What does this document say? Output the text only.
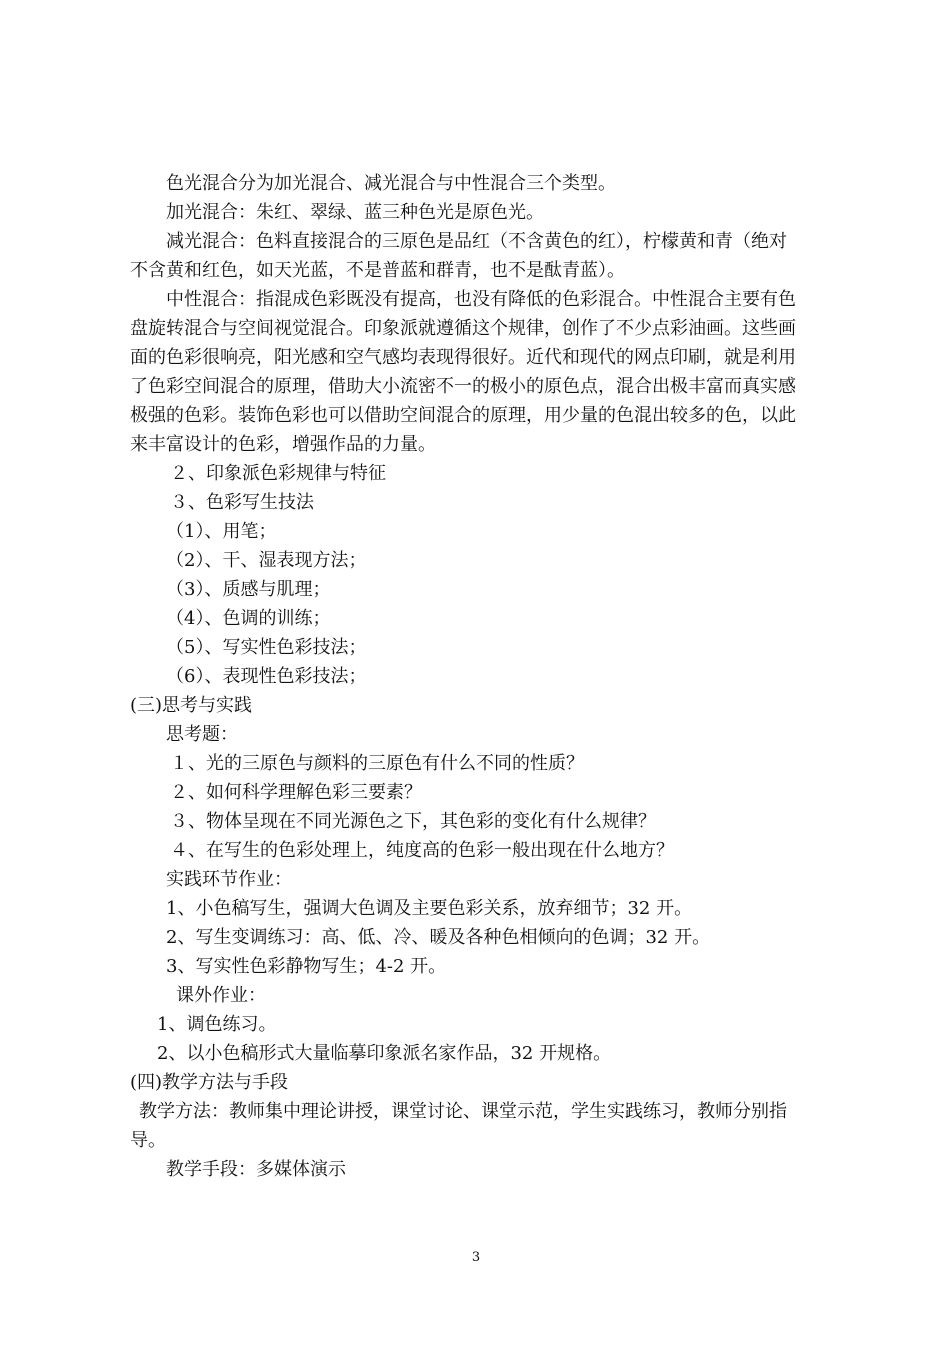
色光混合分为加光混合、减光混合与中性混合三个类型。
加光混合：朱红、翠绿、蓝三种色光是原色光。
减光混合：色料直接混合的三原色是品红（不含黄色的红），柠檬黄和青（绝对
不含黄和红色，如天光蓝，不是普蓝和群青，也不是酞青蓝）。
中性混合：指混成色彩既没有提高，也没有降低的色彩混合。中性混合主要有色
盘旋转混合与空间视觉混合。印象派就遵循这个规律，创作了不少点彩油画。这些画
面的色彩很响亮，阳光感和空气感均表现得很好。近代和现代的网点印刷，就是利用
了色彩空间混合的原理，借助大小流密不一的极小的原色点，混合出极丰富而真实感
极强的色彩。装饰色彩也可以借助空间混合的原理，用少量的色混出较多的色，以此
来丰富设计的色彩，增强作品的力量。
２、印象派色彩规律与特征
３、色彩写生技法
（1）、用笔；
（2）、干、湿表现方法；
（3）、质感与肌理；
（4）、色调的训练；
（5）、写实性色彩技法；
（6）、表现性色彩技法；
(三)思考与实践
思考题：
１、光的三原色与颜料的三原色有什么不同的性质？
２、如何科学理解色彩三要素？
３、物体呈现在不同光源色之下，其色彩的变化有什么规律？
４、在写生的色彩处理上，纯度高的色彩一般出现在什么地方？
实践环节作业：
1、小色稿写生，强调大色调及主要色彩关系，放弃细节；32 开。
2、写生变调练习：高、低、冷、暖及各种色相倾向的色调；32 开。
3、写实性色彩静物写生；4-2 开。
课外作业：
1、调色练习。
2、以小色稿形式大量临摹印象派名家作品，32 开规格。
(四)教学方法与手段
教学方法：教师集中理论讲授，课堂讨论、课堂示范，学生实践练习，教师分别指
导。
教学手段：多媒体演示
3
